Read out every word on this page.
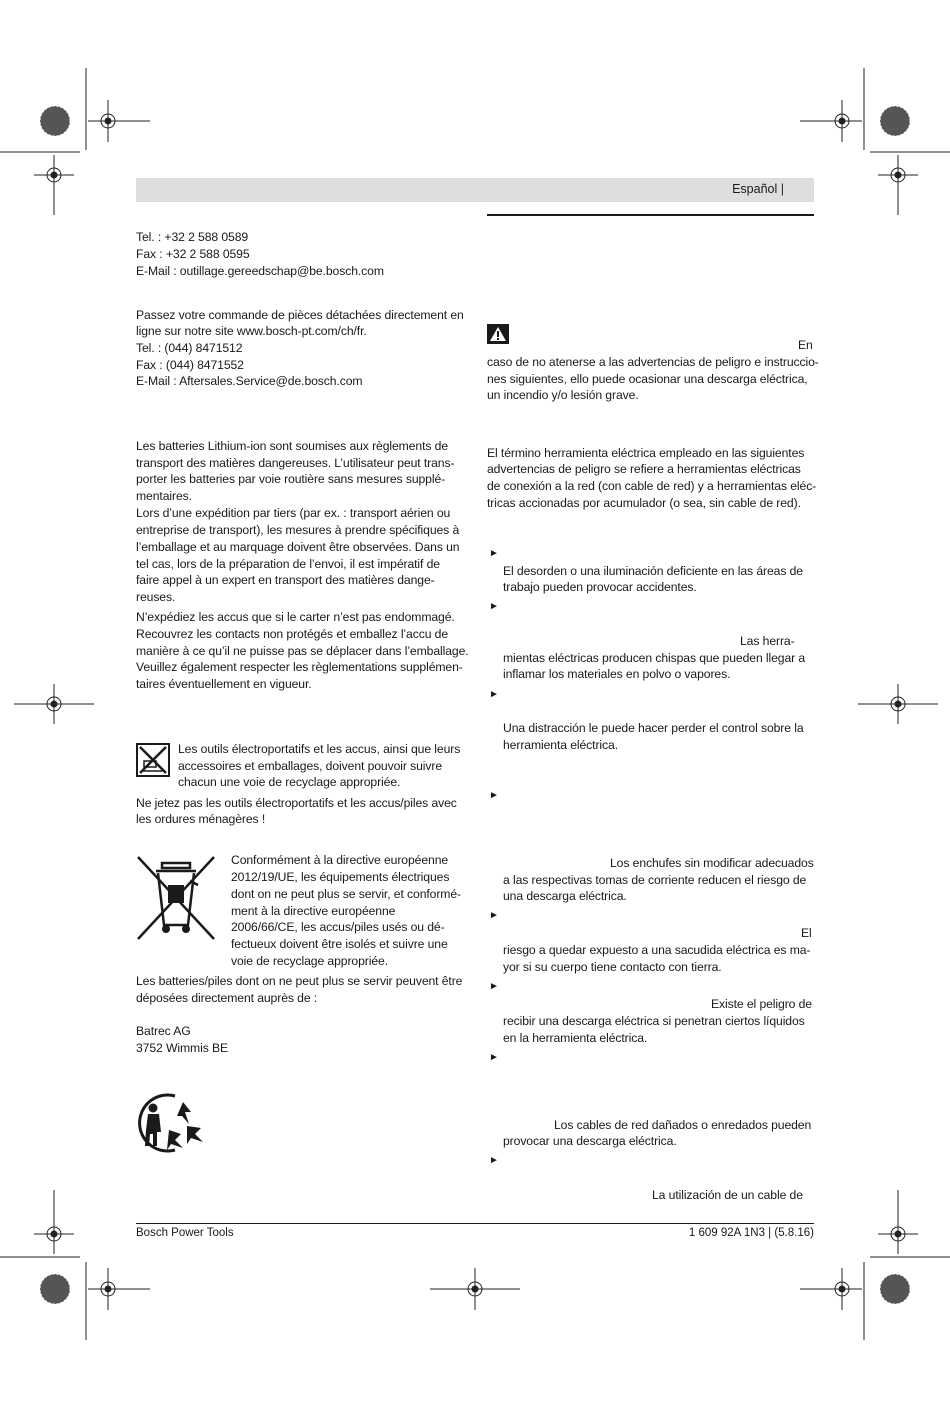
Español |
Tel. : +32 2 588 0589
Fax : +32 2 588 0595
E-Mail : outillage.gereedschap@be.bosch.com
Passez votre commande de pièces détachées directement en
ligne sur notre site www.bosch-pt.com/ch/fr.
Tel. : (044) 8471512
Fax : (044) 8471552
E-Mail : Aftersales.Service@de.bosch.com
Les batteries Lithium-ion sont soumises aux règlements de
transport des matières dangereuses. L’utilisateur peut trans-
porter les batteries par voie routière sans mesures supplé-
mentaires.
Lors d’une expédition par tiers (par ex. : transport aérien ou
entreprise de transport), les mesures à prendre spécifiques à
l’emballage et au marquage doivent être observées. Dans un
tel cas, lors de la préparation de l’envoi, il est impératif de
faire appel à un expert en transport des matières dange-
reuses.
N’expédiez les accus que si le carter n’est pas endommagé.
Recouvrez les contacts non protégés et emballez l’accu de
manière à ce qu’il ne puisse pas se déplacer dans l’emballage.
Veuillez également respecter les règlementations supplémen-
taires éventuellement en vigueur.
Les outils électroportatifs et les accus, ainsi que leurs
accessoires et emballages, doivent pouvoir suivre
chacun une voie de recyclage appropriée.
Ne jetez pas les outils électroportatifs et les accus/piles avec
les ordures ménagères !
Conformément à la directive européenne
2012/19/UE, les équipements électriques
dont on ne peut plus se servir, et conformé-
ment à la directive européenne
2006/66/CE, les accus/piles usés ou dé-
fectueux doivent être isolés et suivre une
voie de recyclage appropriée.
Les batteries/piles dont on ne peut plus se servir peuvent être
déposées directement auprès de :
Batrec AG
3752 Wimmis BE
En
caso de no atenerse a las advertencias de peligro e instruccio-
nes siguientes, ello puede ocasionar una descarga eléctrica,
un incendio y/o lesión grave.
El término herramienta eléctrica empleado en las siguientes
advertencias de peligro se refiere a herramientas eléctricas
de conexión a la red (con cable de red) y a herramientas eléc-
tricas accionadas por acumulador (o sea, sin cable de red).
►
El desorden o una iluminación deficiente en las áreas de
trabajo pueden provocar accidentes.
►
Las herra-
mientas eléctricas producen chispas que pueden llegar a
inflamar los materiales en polvo o vapores.
►
Una distracción le puede hacer perder el control sobre la
herramienta eléctrica.
►
Los enchufes sin modificar adecuados
a las respectivas tomas de corriente reducen el riesgo de
una descarga eléctrica.
►
El
riesgo a quedar expuesto a una sacudida eléctrica es ma-
yor si su cuerpo tiene contacto con tierra.
►
Existe el peligro de
recibir una descarga eléctrica si penetran ciertos líquidos
en la herramienta eléctrica.
►
Los cables de red dañados o enredados pueden
provocar una descarga eléctrica.
►
La utilización de un cable de
Bosch Power Tools	1 609 92A 1N3 | (5.8.16)
